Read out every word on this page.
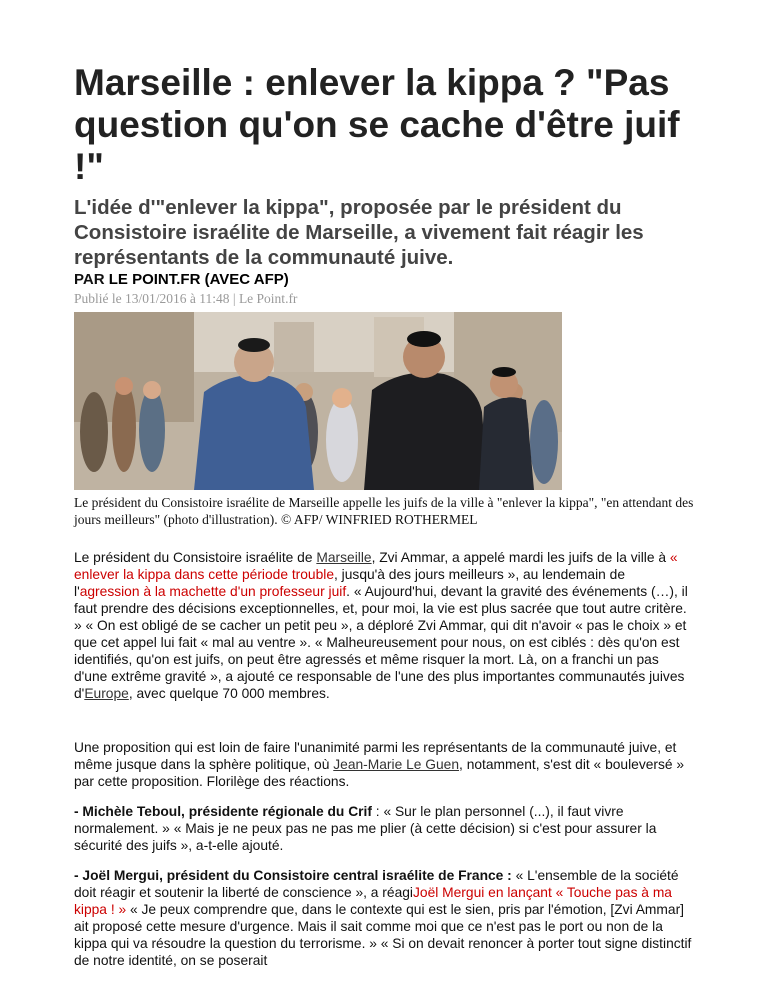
Marseille : enlever la kippa ? "Pas question qu'on se cache d'être juif !"

L'idée d'"enlever la kippa", proposée par le président du Consistoire israélite de Marseille, a vivement fait réagir les représentants de la communauté juive.

PAR LE POINT.FR (AVEC AFP)

Publié le 13/01/2016 à 11:48 | Le Point.fr

Le président du Consistoire israélite de Marseille appelle les juifs de la ville à "enlever la kippa", "en attendant des jours meilleurs" (photo d'illustration). © AFP/ WINFRIED ROTHERMEL

Le président du Consistoire israélite de Marseille, Zvi Ammar, a appelé mardi les juifs de la ville à « enlever la kippa dans cette période trouble, jusqu'à des jours meilleurs », au lendemain de l'agression à la machette d'un professeur juif. « Aujourd'hui, devant la gravité des événements (…), il faut prendre des décisions exceptionnelles, et, pour moi, la vie est plus sacrée que tout autre critère. » « On est obligé de se cacher un petit peu », a déploré Zvi Ammar, qui dit n'avoir « pas le choix » et que cet appel lui fait « mal au ventre ». « Malheureusement pour nous, on est ciblés : dès qu'on est identifiés, qu'on est juifs, on peut être agressés et même risquer la mort. Là, on a franchi un pas d'une extrême gravité », a ajouté ce responsable de l'une des plus importantes communautés juives d'Europe, avec quelque 70 000 membres.

Une proposition qui est loin de faire l'unanimité parmi les représentants de la communauté juive, et même jusque dans la sphère politique, où Jean-Marie Le Guen, notamment, s'est dit « bouleversé » par cette proposition. Florilège des réactions.

- Michèle Teboul, présidente régionale du Crif : « Sur le plan personnel (...), il faut vivre normalement. » « Mais je ne peux pas ne pas me plier (à cette décision) si c'est pour assurer la sécurité des juifs », a-t-elle ajouté.

- Joël Mergui, président du Consistoire central israélite de France : « L'ensemble de la société doit réagir et soutenir la liberté de conscience », a réagiJoël Mergui en lançant « Touche pas à ma kippa ! » « Je peux comprendre que, dans le contexte qui est le sien, pris par l'émotion, [Zvi Ammar] ait proposé cette mesure d'urgence. Mais il sait comme moi que ce n'est pas le port ou non de la kippa qui va résoudre la question du terrorisme. » « Si on devait renoncer à porter tout signe distinctif de notre identité, on se poserait
